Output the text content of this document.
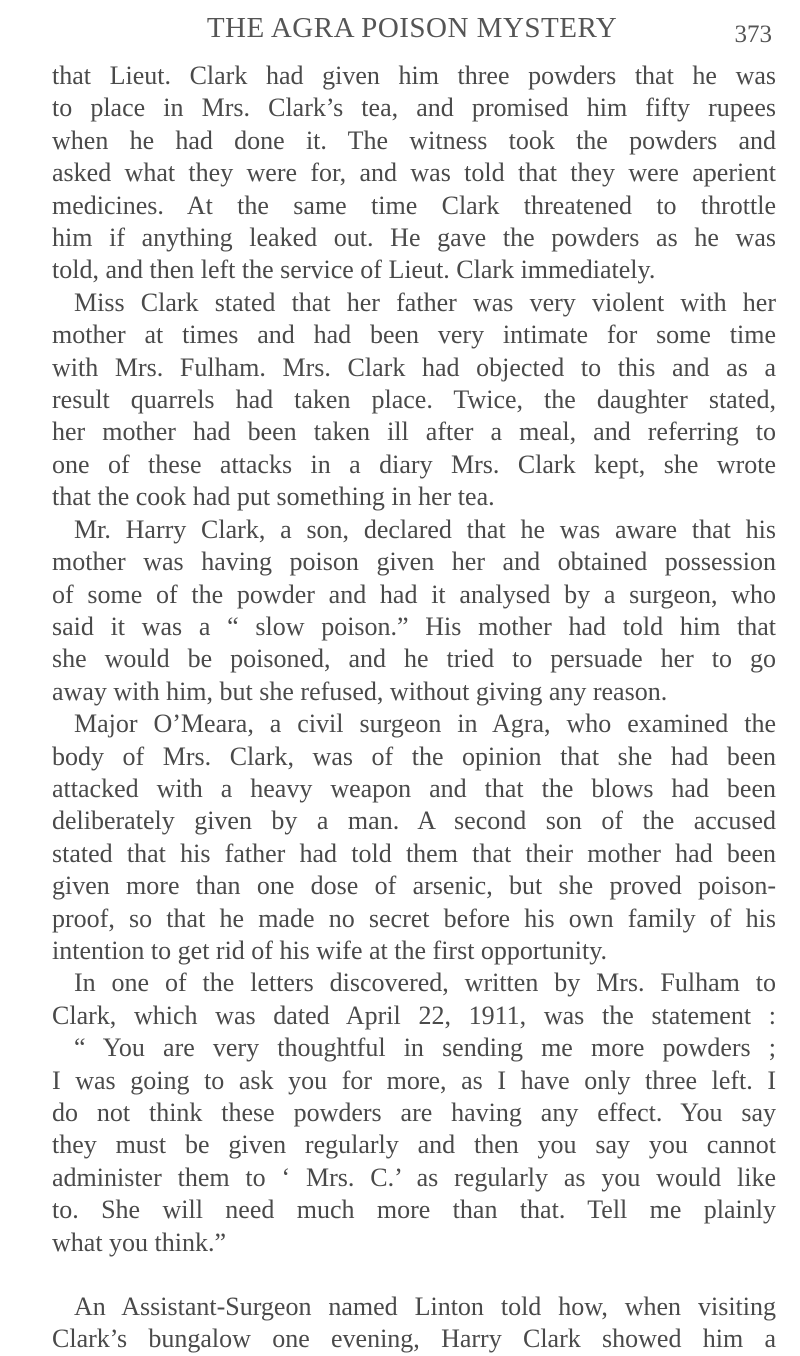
THE AGRA POISON MYSTERY	373
that Lieut. Clark had given him three powders that he was
to place in Mrs. Clark’s tea, and promised him fifty rupees
when he had done it. The witness took the powders and
asked what they were for, and was told that they were aperient
medicines. At the same time Clark threatened to throttle
him if anything leaked out. He gave the powders as he was
told, and then left the service of Lieut. Clark immediately.
Miss Clark stated that her father was very violent with her
mother at times and had been very intimate for some time
with Mrs. Fulham. Mrs. Clark had objected to this and as a
result quarrels had taken place. Twice, the daughter stated,
her mother had been taken ill after a meal, and referring to
one of these attacks in a diary Mrs. Clark kept, she wrote
that the cook had put something in her tea.
Mr. Harry Clark, a son, declared that he was aware that his
mother was having poison given her and obtained possession
of some of the powder and had it analysed by a surgeon, who
said it was a “ slow poison.” His mother had told him that
she would be poisoned, and he tried to persuade her to go
away with him, but she refused, without giving any reason.
Major O’Meara, a civil surgeon in Agra, who examined the
body of Mrs. Clark, was of the opinion that she had been
attacked with a heavy weapon and that the blows had been
deliberately given by a man. A second son of the accused
stated that his father had told them that their mother had been
given more than one dose of arsenic, but she proved poison-
proof, so that he made no secret before his own family of his
intention to get rid of his wife at the first opportunity.
In one of the letters discovered, written by Mrs. Fulham to
Clark, which was dated April 22, 1911, was the statement :
“ You are very thoughtful in sending me more powders ;
I was going to ask you for more, as I have only three left. I
do not think these powders are having any effect. You say
they must be given regularly and then you say you cannot
administer them to ‘ Mrs. C.’ as regularly as you would like
to. She will need much more than that. Tell me plainly
what you think.”
An Assistant-Surgeon named Linton told how, when visiting
Clark’s bungalow one evening, Harry Clark showed him a
